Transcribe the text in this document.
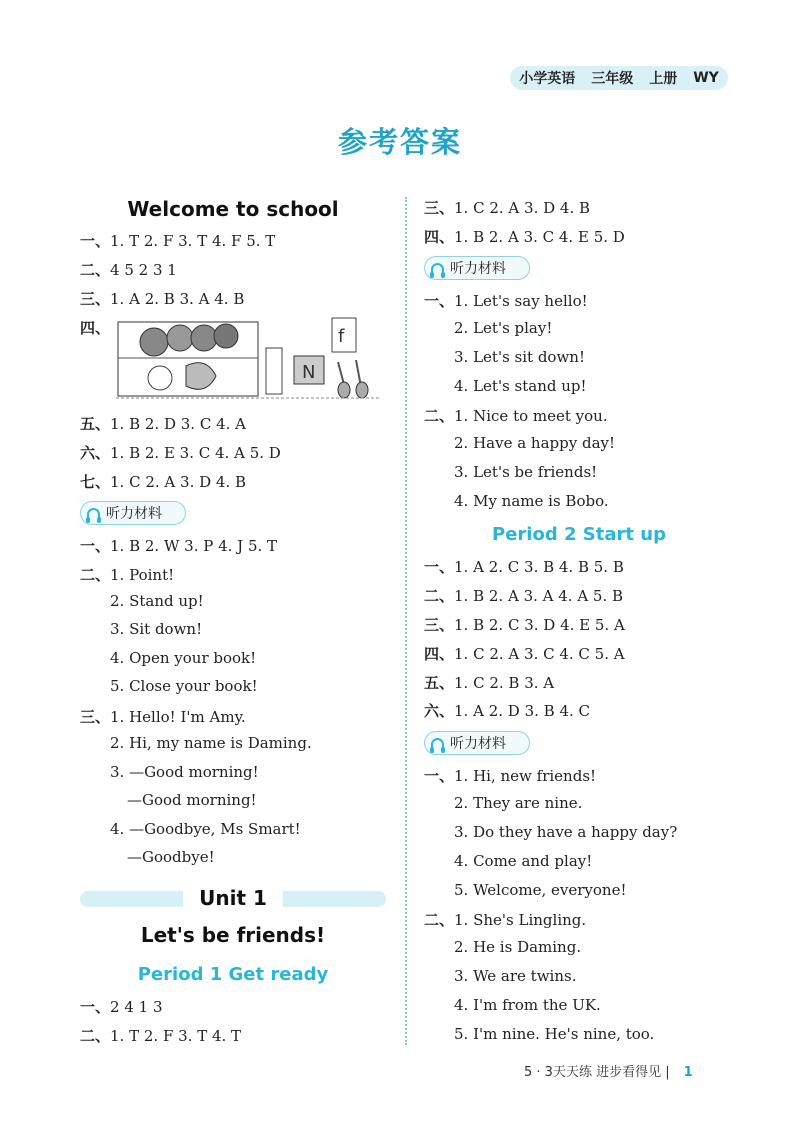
小学英语 三年级 上册 WY
参考答案
Welcome to school
一、1. T 2. F 3. T 4. F 5. T
二、4 5 2 3 1
三、1. A 2. B 3. A 4. B
四、
N
f
五、1. B 2. D 3. C 4. A
六、1. B 2. E 3. C 4. A 5. D
七、1. C 2. A 3. D 4. B
听力材料
一、1. B 2. W 3. P 4. J 5. T
二、1. Point!
2. Stand up!
3. Sit down!
4. Open your book!
5. Close your book!
三、1. Hello! I'm Amy.
2. Hi, my name is Daming.
3. —Good morning!
—Good morning!
4. —Goodbye, Ms Smart!
—Goodbye!
Unit 1
Let's be friends!
Period 1 Get ready
一、2 4 1 3
二、1. T 2. F 3. T 4. T
三、1. C 2. A 3. D 4. B
四、1. B 2. A 3. C 4. E 5. D
听力材料
一、1. Let's say hello!
2. Let's play!
3. Let's sit down!
4. Let's stand up!
二、1. Nice to meet you.
2. Have a happy day!
3. Let's be friends!
4. My name is Bobo.
Period 2 Start up
一、1. A 2. C 3. B 4. B 5. B
二、1. B 2. A 3. A 4. A 5. B
三、1. B 2. C 3. D 4. E 5. A
四、1. C 2. A 3. C 4. C 5. A
五、1. C 2. B 3. A
六、1. A 2. D 3. B 4. C
听力材料
一、1. Hi, new friends!
2. They are nine.
3. Do they have a happy day?
4. Come and play!
5. Welcome, everyone!
二、1. She's Lingling.
2. He is Daming.
3. We are twins.
4. I'm from the UK.
5. I'm nine. He's nine, too.
5 · 3天天练 进步看得见 | 1
